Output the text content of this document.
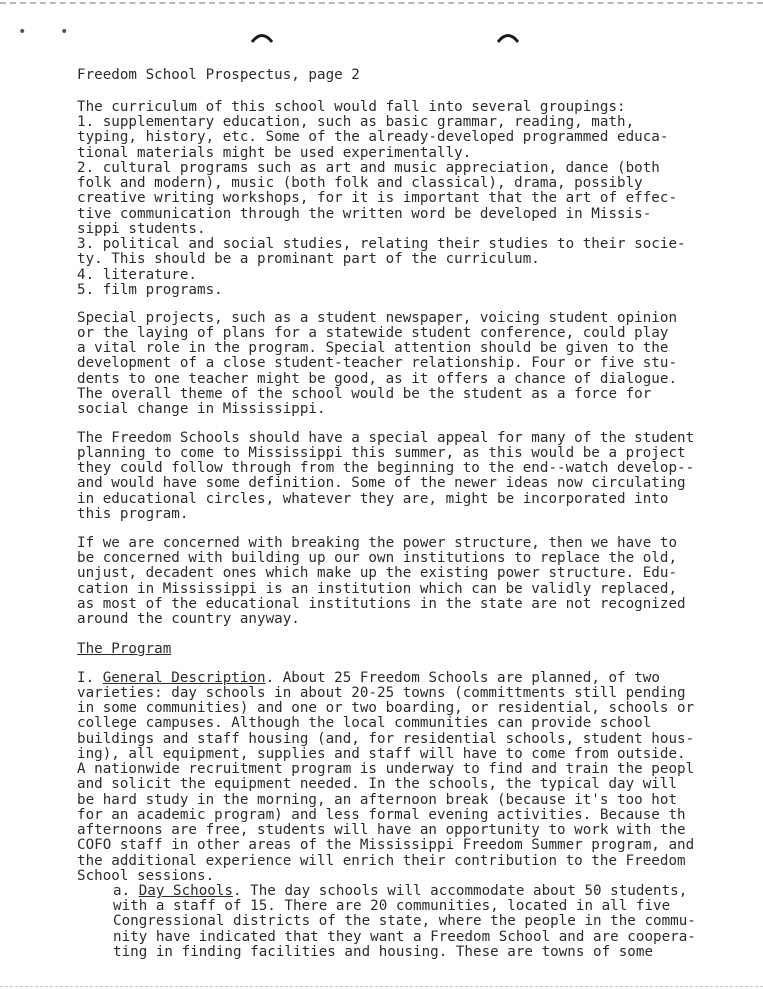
• •
Freedom School Prospectus, page 2
The curriculum of this school would fall into several groupings:
1. supplementary education, such as basic grammar, reading, math,
typing, history, etc. Some of the already-developed programmed educa-
tional materials might be used experimentally.
2. cultural programs such as art and music appreciation, dance (both
folk and modern), music (both folk and classical), drama, possibly
creative writing workshops, for it is important that the art of effec-
tive communication through the written word be developed in Missis-
sippi students.
3. political and social studies, relating their studies to their socie-
ty. This should be a prominant part of the curriculum.
4. literature.
5. film programs.
Special projects, such as a student newspaper, voicing student opinion
or the laying of plans for a statewide student conference, could play
a vital role in the program. Special attention should be given to the
development of a close student-teacher relationship. Four or five stu-
dents to one teacher might be good, as it offers a chance of dialogue.
The overall theme of the school would be the student as a force for
social change in Mississippi.
The Freedom Schools should have a special appeal for many of the student
planning to come to Mississippi this summer, as this would be a project
they could follow through from the beginning to the end--watch develop--
and would have some definition. Some of the newer ideas now circulating
in educational circles, whatever they are, might be incorporated into
this program.
If we are concerned with breaking the power structure, then we have to
be concerned with building up our own institutions to replace the old,
unjust, decadent ones which make up the existing power structure. Edu-
cation in Mississippi is an institution which can be validly replaced,
as most of the educational institutions in the state are not recognized
around the country anyway.
The Program
I. General Description. About 25 Freedom Schools are planned, of two
varieties: day schools in about 20-25 towns (committments still pending
in some communities) and one or two boarding, or residential, schools or
college campuses. Although the local communities can provide school
buildings and staff housing (and, for residential schools, student hous-
ing), all equipment, supplies and staff will have to come from outside.
A nationwide recruitment program is underway to find and train the peopl
and solicit the equipment needed. In the schools, the typical day will
be hard study in the morning, an afternoon break (because it's too hot
for an academic program) and less formal evening activities. Because th
afternoons are free, students will have an opportunity to work with the
COFO staff in other areas of the Mississippi Freedom Summer program, and
the additional experience will enrich their contribution to the Freedom
School sessions.
a. Day Schools. The day schools will accommodate about 50 students,
with a staff of 15. There are 20 communities, located in all five
Congressional districts of the state, where the people in the commu-
nity have indicated that they want a Freedom School and are coopera-
ting in finding facilities and housing. These are towns of some
